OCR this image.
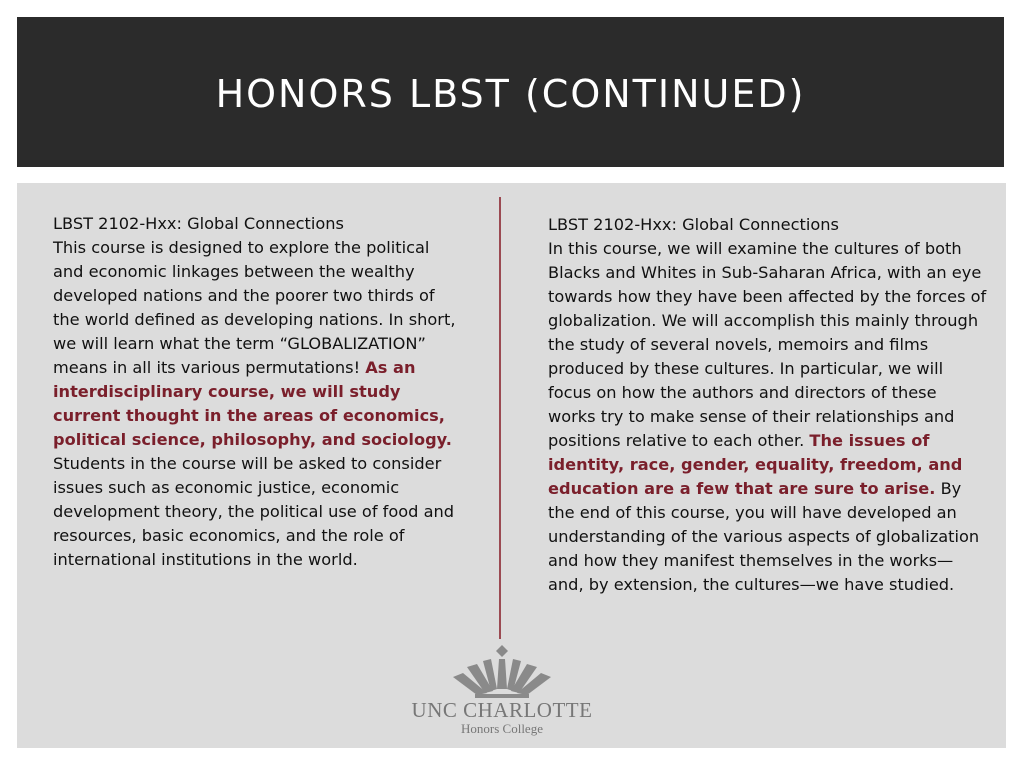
HONORS LBST (CONTINUED)
LBST 2102-Hxx: Global Connections

This course is designed to explore the political and economic linkages between the wealthy developed nations and the poorer two thirds of the world defined as developing nations. In short, we will learn what the term “GLOBALIZATION” means in all its various permutations! As an interdisciplinary course, we will study current thought in the areas of economics, political science, philosophy, and sociology. Students in the course will be asked to consider issues such as economic justice, economic development theory, the political use of food and resources, basic economics, and the role of international institutions in the world.

LBST 2102-Hxx: Global Connections

In this course, we will examine the cultures of both Blacks and Whites in Sub-Saharan Africa, with an eye towards how they have been affected by the forces of globalization. We will accomplish this mainly through the study of several novels, memoirs and films produced by these cultures. In particular, we will focus on how the authors and directors of these works try to make sense of their relationships and positions relative to each other. The issues of identity, race, gender, equality, freedom, and education are a few that are sure to arise. By the end of this course, you will have developed an understanding of the various aspects of globalization and how they manifest themselves in the works—and, by extension, the cultures—we have studied.

UNC CHARLOTTE
Honors College
